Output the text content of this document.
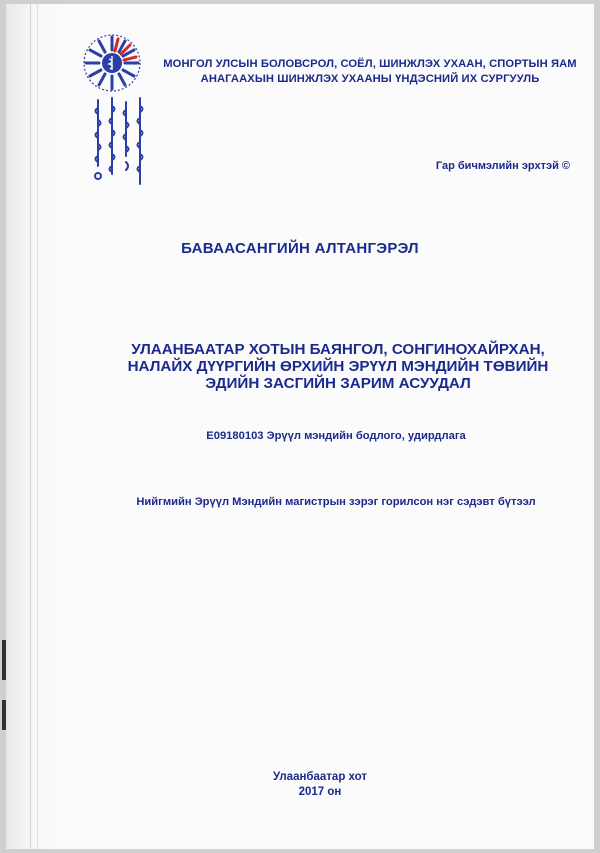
МОНГОЛ УЛСЫН БОЛОВСРОЛ, СОЁЛ, ШИНЖЛЭХ УХААН, СПОРТЫН ЯАМ
АНАГААХЫН ШИНЖЛЭХ УХААНЫ ҮНДЭСНИЙ ИХ СУРГУУЛЬ
Гар бичмэлийн эрхтэй ©
БАВААСАНГИЙН АЛТАНГЭРЭЛ
УЛААНБААТАР ХОТЫН БАЯНГОЛ, СОНГИНОХАЙРХАН,
НАЛАЙХ ДҮҮРГИЙН ӨРХИЙН ЭРҮҮЛ МЭНДИЙН ТӨВИЙН
ЭДИЙН ЗАСГИЙН ЗАРИМ АСУУДАЛ
E09180103 Эрүүл мэндийн бодлого, удирдлага
Нийгмийн Эрүүл Мэндийн магистрын зэрэг горилсон нэг сэдэвт бүтээл
Улаанбаатар хот
2017 он
